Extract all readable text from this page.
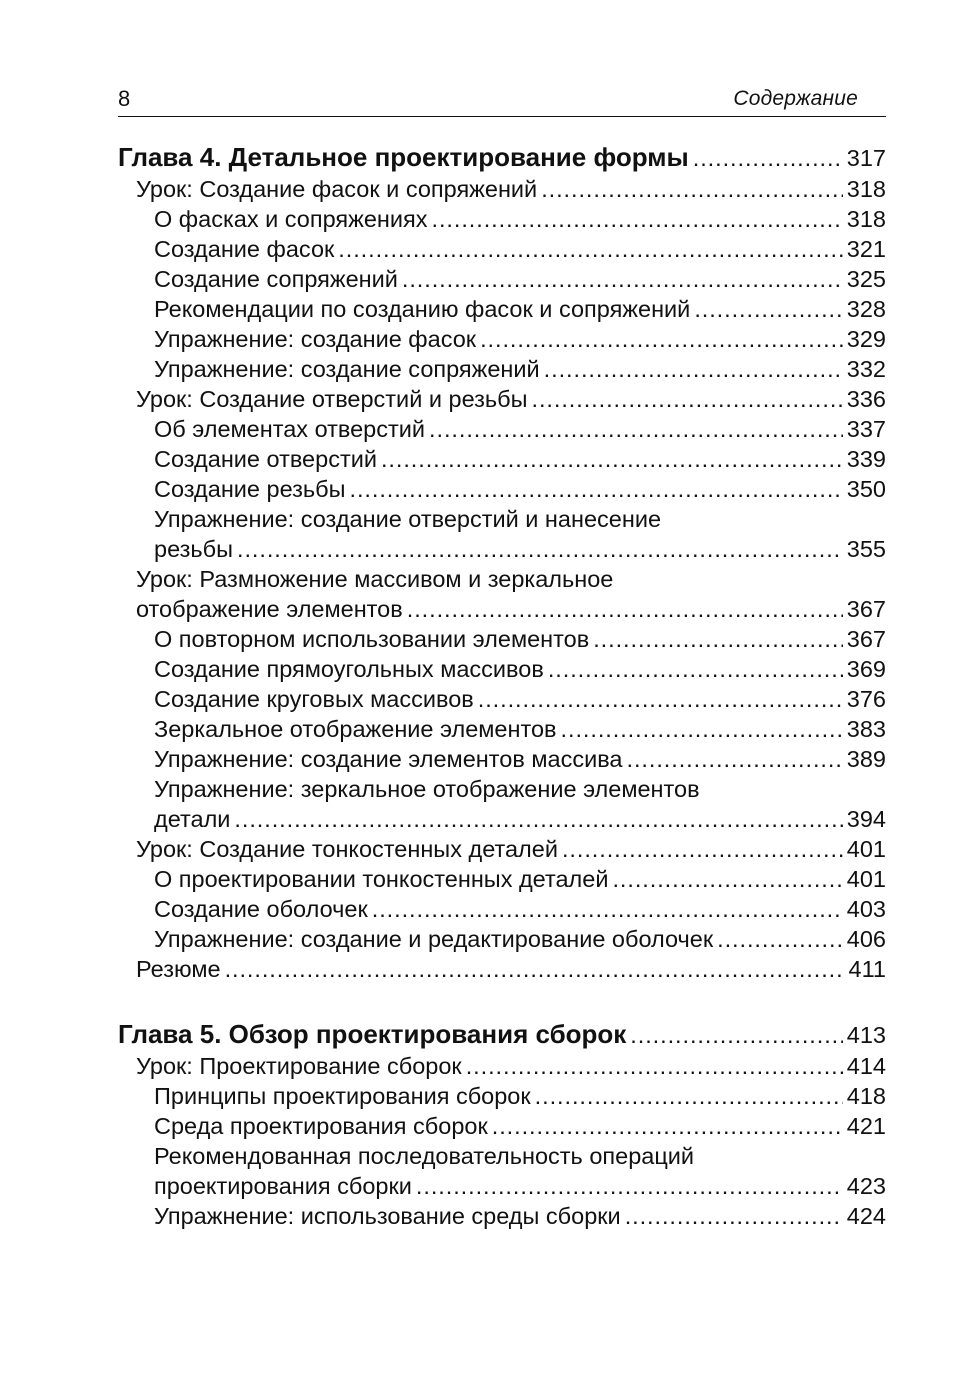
8	Содержание
Глава 4. Детальное проектирование формы . . .	317
Урок: Создание фасок и сопряжений . . .	318
О фасках и сопряжениях . . .	318
Создание фасок . . .	321
Создание сопряжений . . .	325
Рекомендации по созданию фасок и сопряжений . . .	328
Упражнение: создание фасок . . .	329
Упражнение: создание сопряжений . . .	332
Урок: Создание отверстий и резьбы . . .	336
Об элементах отверстий . . .	337
Создание отверстий . . .	339
Создание резьбы . . .	350
Упражнение: создание отверстий и нанесение
резьбы . . .	355
Урок: Размножение массивом и зеркальное
отображение элементов . . .	367
О повторном использовании элементов . . .	367
Создание прямоугольных массивов . . .	369
Создание круговых массивов . . .	376
Зеркальное отображение элементов . . .	383
Упражнение: создание элементов массива . . .	389
Упражнение: зеркальное отображение элементов
детали . . .	394
Урок: Создание тонкостенных деталей . . .	401
О проектировании тонкостенных деталей . . .	401
Создание оболочек . . .	403
Упражнение: создание и редактирование оболочек . . .	406
Резюме . . .	411
Глава 5. Обзор проектирования сборок . . .	413
Урок: Проектирование сборок . . .	414
Принципы проектирования сборок . . .	418
Среда проектирования сборок . . .	421
Рекомендованная последовательность операций
проектирования сборки . . .	423
Упражнение: использование среды сборки . . .	424
